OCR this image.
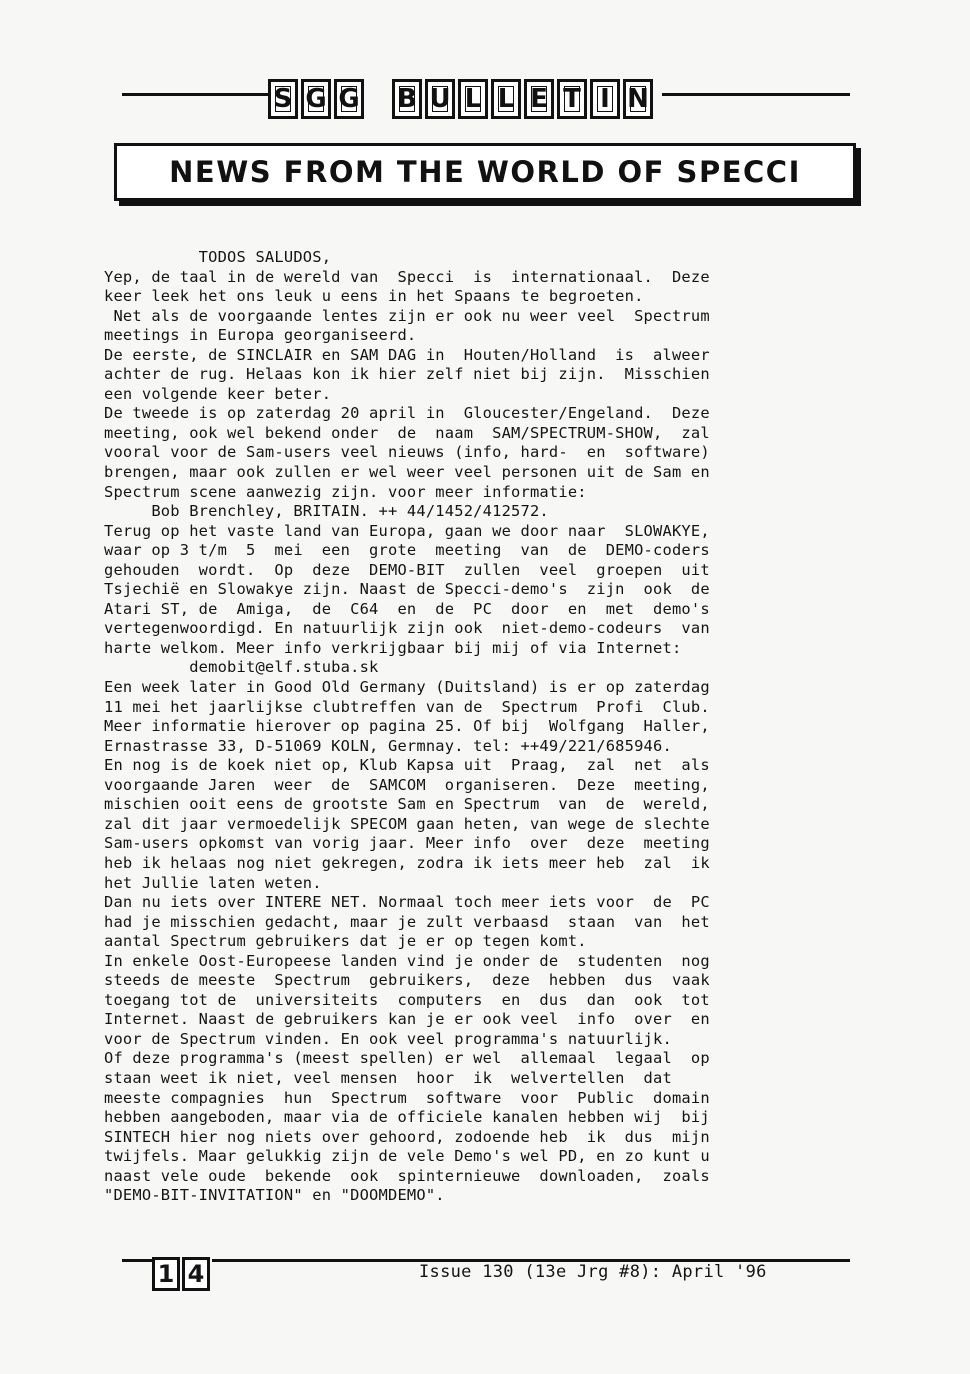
S G G B U L L E T I N
NEWS FROM THE WORLD OF SPECCI
TODOS SALUDOS,
Yep, de taal in de wereld van  Specci  is  internationaal.  Deze
keer leek het ons leuk u eens in het Spaans te begroeten.
Net als de voorgaande lentes zijn er ook nu weer veel  Spectrum
meetings in Europa georganiseerd.
De eerste, de SINCLAIR en SAM DAG in  Houten/Holland  is  alweer
achter de rug. Helaas kon ik hier zelf niet bij zijn.  Misschien
een volgende keer beter.
De tweede is op zaterdag 20 april in  Gloucester/Engeland.  Deze
meeting, ook wel bekend onder  de  naam  SAM/SPECTRUM-SHOW,  zal
vooral voor de Sam-users veel nieuws (info, hard-  en  software)
brengen, maar ook zullen er wel weer veel personen uit de Sam en
Spectrum scene aanwezig zijn. voor meer informatie:
Bob Brenchley, BRITAIN. ++ 44/1452/412572.
Terug op het vaste land van Europa, gaan we door naar  SLOWAKYE,
waar op 3 t/m  5  mei  een  grote  meeting  van  de  DEMO-coders
gehouden  wordt.  Op  deze  DEMO-BIT  zullen  veel  groepen  uit
Tsjechië en Slowakye zijn. Naast de Specci-demo's  zijn  ook  de
Atari ST, de  Amiga,  de  C64  en  de  PC  door  en  met  demo's
vertegenwoordigd. En natuurlijk zijn ook  niet-demo-codeurs  van
harte welkom. Meer info verkrijgbaar bij mij of via Internet:
demobit@elf.stuba.sk
Een week later in Good Old Germany (Duitsland) is er op zaterdag
11 mei het jaarlijkse clubtreffen van de  Spectrum  Profi  Club.
Meer informatie hierover op pagina 25. Of bij  Wolfgang  Haller,
Ernastrasse 33, D-51069 KOLN, Germnay. tel: ++49/221/685946.
En nog is de koek niet op, Klub Kapsa uit  Praag,  zal  net  als
voorgaande Jaren  weer  de  SAMCOM  organiseren.  Deze  meeting,
mischien ooit eens de grootste Sam en Spectrum  van  de  wereld,
zal dit jaar vermoedelijk SPECOM gaan heten, van wege de slechte
Sam-users opkomst van vorig jaar. Meer info  over  deze  meeting
heb ik helaas nog niet gekregen, zodra ik iets meer heb  zal  ik
het Jullie laten weten.
Dan nu iets over INTERE NET. Normaal toch meer iets voor  de  PC
had je misschien gedacht, maar je zult verbaasd  staan  van  het
aantal Spectrum gebruikers dat je er op tegen komt.
In enkele Oost-Europeese landen vind je onder de  studenten  nog
steeds de meeste  Spectrum  gebruikers,  deze  hebben  dus  vaak
toegang tot de  universiteits  computers  en  dus  dan  ook  tot
Internet. Naast de gebruikers kan je er ook veel  info  over  en
voor de Spectrum vinden. En ook veel programma's natuurlijk.
Of deze programma's (meest spellen) er wel  allemaal  legaal  op
staan weet ik niet, veel mensen  hoor  ik  welvertellen  dat
meeste compagnies  hun  Spectrum  software  voor  Public  domain
hebben aangeboden, maar via de officiele kanalen hebben wij  bij
SINTECH hier nog niets over gehoord, zodoende heb  ik  dus  mijn
twijfels. Maar gelukkig zijn de vele Demo's wel PD, en zo kunt u
naast vele oude  bekende  ook  spinternieuwe  downloaden,  zoals
"DEMO-BIT-INVITATION" en "DOOMDEMO".
1 4	Issue 130 (13e Jrg #8): April '96
